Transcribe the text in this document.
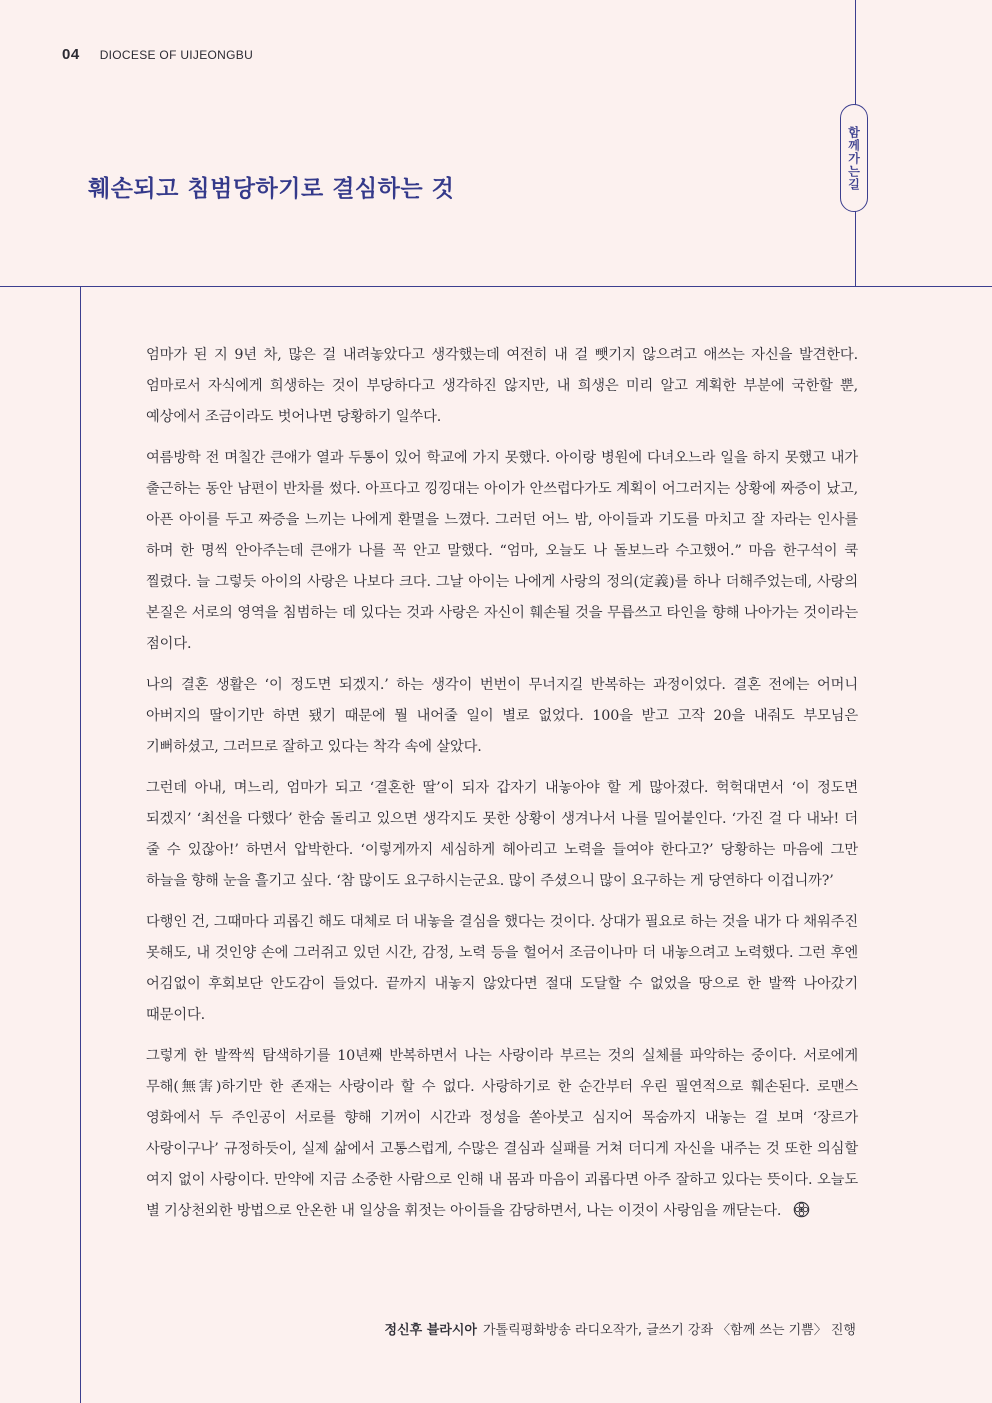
함께가는길
04 DIOCESE OF UIJEONGBU
훼손되고 침범당하기로 결심하는 것

엄마가 된 지 9년 차, 많은 걸 내려놓았다고 생각했는데 여전히 내 걸 뺏기지 않으려고 애쓰는 자신을 발견한다. 엄마로서 자식에게 희생하는 것이 부당하다고 생각하진 않지만, 내 희생은 미리 알고 계획한 부분에 국한할 뿐, 예상에서 조금이라도 벗어나면 당황하기 일쑤다.

여름방학 전 며칠간 큰애가 열과 두통이 있어 학교에 가지 못했다. 아이랑 병원에 다녀오느라 일을 하지 못했고 내가 출근하는 동안 남편이 반차를 썼다. 아프다고 낑낑대는 아이가 안쓰럽다가도 계획이 어그러지는 상황에 짜증이 났고, 아픈 아이를 두고 짜증을 느끼는 나에게 환멸을 느꼈다. 그러던 어느 밤, 아이들과 기도를 마치고 잘 자라는 인사를 하며 한 명씩 안아주는데 큰애가 나를 꼭 안고 말했다. “엄마, 오늘도 나 돌보느라 수고했어.” 마음 한구석이 쿡 찔렸다. 늘 그렇듯 아이의 사랑은 나보다 크다. 그날 아이는 나에게 사랑의 정의(定義)를 하나 더해주었는데, 사랑의 본질은 서로의 영역을 침범하는 데 있다는 것과 사랑은 자신이 훼손될 것을 무릅쓰고 타인을 향해 나아가는 것이라는 점이다.

나의 결혼 생활은 ‘이 정도면 되겠지.’ 하는 생각이 번번이 무너지길 반복하는 과정이었다. 결혼 전에는 어머니 아버지의 딸이기만 하면 됐기 때문에 뭘 내어줄 일이 별로 없었다. 100을 받고 고작 20을 내줘도 부모님은 기뻐하셨고, 그러므로 잘하고 있다는 착각 속에 살았다.

그런데 아내, 며느리, 엄마가 되고 ‘결혼한 딸’이 되자 갑자기 내놓아야 할 게 많아졌다. 헉헉대면서 ‘이 정도면 되겠지’ ‘최선을 다했다’ 한숨 돌리고 있으면 생각지도 못한 상황이 생겨나서 나를 밀어붙인다. ‘가진 걸 다 내놔! 더 줄 수 있잖아!’ 하면서 압박한다. ‘이렇게까지 세심하게 헤아리고 노력을 들여야 한다고?’ 당황하는 마음에 그만 하늘을 향해 눈을 흘기고 싶다. ‘참 많이도 요구하시는군요. 많이 주셨으니 많이 요구하는 게 당연하다 이겁니까?’

다행인 건, 그때마다 괴롭긴 해도 대체로 더 내놓을 결심을 했다는 것이다. 상대가 필요로 하는 것을 내가 다 채워주진 못해도, 내 것인양 손에 그러쥐고 있던 시간, 감정, 노력 등을 헐어서 조금이나마 더 내놓으려고 노력했다. 그런 후엔 어김없이 후회보단 안도감이 들었다. 끝까지 내놓지 않았다면 절대 도달할 수 없었을 땅으로 한 발짝 나아갔기 때문이다.

그렇게 한 발짝씩 탐색하기를 10년째 반복하면서 나는 사랑이라 부르는 것의 실체를 파악하는 중이다. 서로에게 무해(無害)하기만 한 존재는 사랑이라 할 수 없다. 사랑하기로 한 순간부터 우린 필연적으로 훼손된다. 로맨스 영화에서 두 주인공이 서로를 향해 기꺼이 시간과 정성을 쏟아붓고 심지어 목숨까지 내놓는 걸 보며 ‘장르가 사랑이구나’ 규정하듯이, 실제 삶에서 고통스럽게, 수많은 결심과 실패를 거쳐 더디게 자신을 내주는 것 또한 의심할 여지 없이 사랑이다. 만약에 지금 소중한 사람으로 인해 내 몸과 마음이 괴롭다면 아주 잘하고 있다는 뜻이다. 오늘도 별 기상천외한 방법으로 안온한 내 일상을 휘젓는 아이들을 감당하면서, 나는 이것이 사랑임을 깨닫는다.

정신후 블라시아 가톨릭평화방송 라디오작가, 글쓰기 강좌 〈함께 쓰는 기쁨〉 진행
